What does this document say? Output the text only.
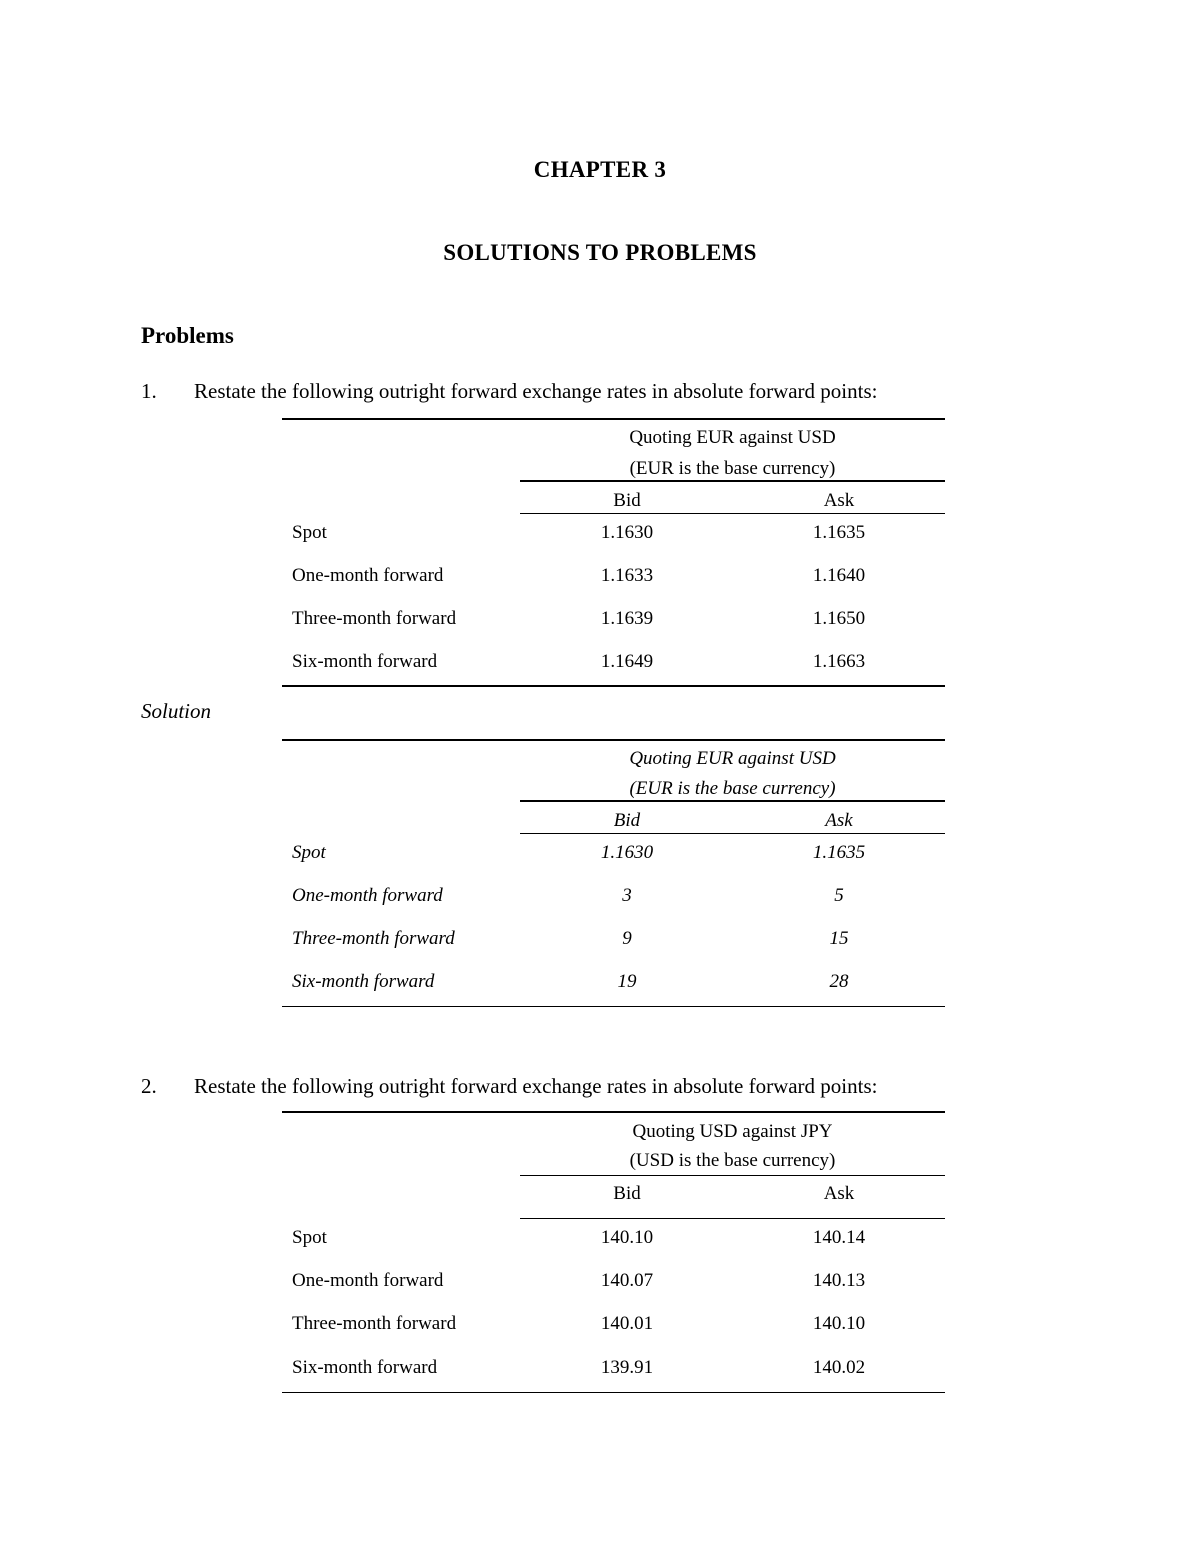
CHAPTER 3
SOLUTIONS TO PROBLEMS
Problems
1. Restate the following outright forward exchange rates in absolute forward points:
Quoting EUR against USD
(EUR is the base currency)
Bid	Ask
Spot	1.1630	1.1635
One-month forward	1.1633	1.1640
Three-month forward	1.1639	1.1650
Six-month forward	1.1649	1.1663
Solution
Quoting EUR against USD
(EUR is the base currency)
Bid	Ask
Spot	1.1630	1.1635
One-month forward	3	5
Three-month forward	9	15
Six-month forward	19	28
2. Restate the following outright forward exchange rates in absolute forward points:
Quoting USD against JPY
(USD is the base currency)
Bid	Ask
Spot	140.10	140.14
One-month forward	140.07	140.13
Three-month forward	140.01	140.10
Six-month forward	139.91	140.02
